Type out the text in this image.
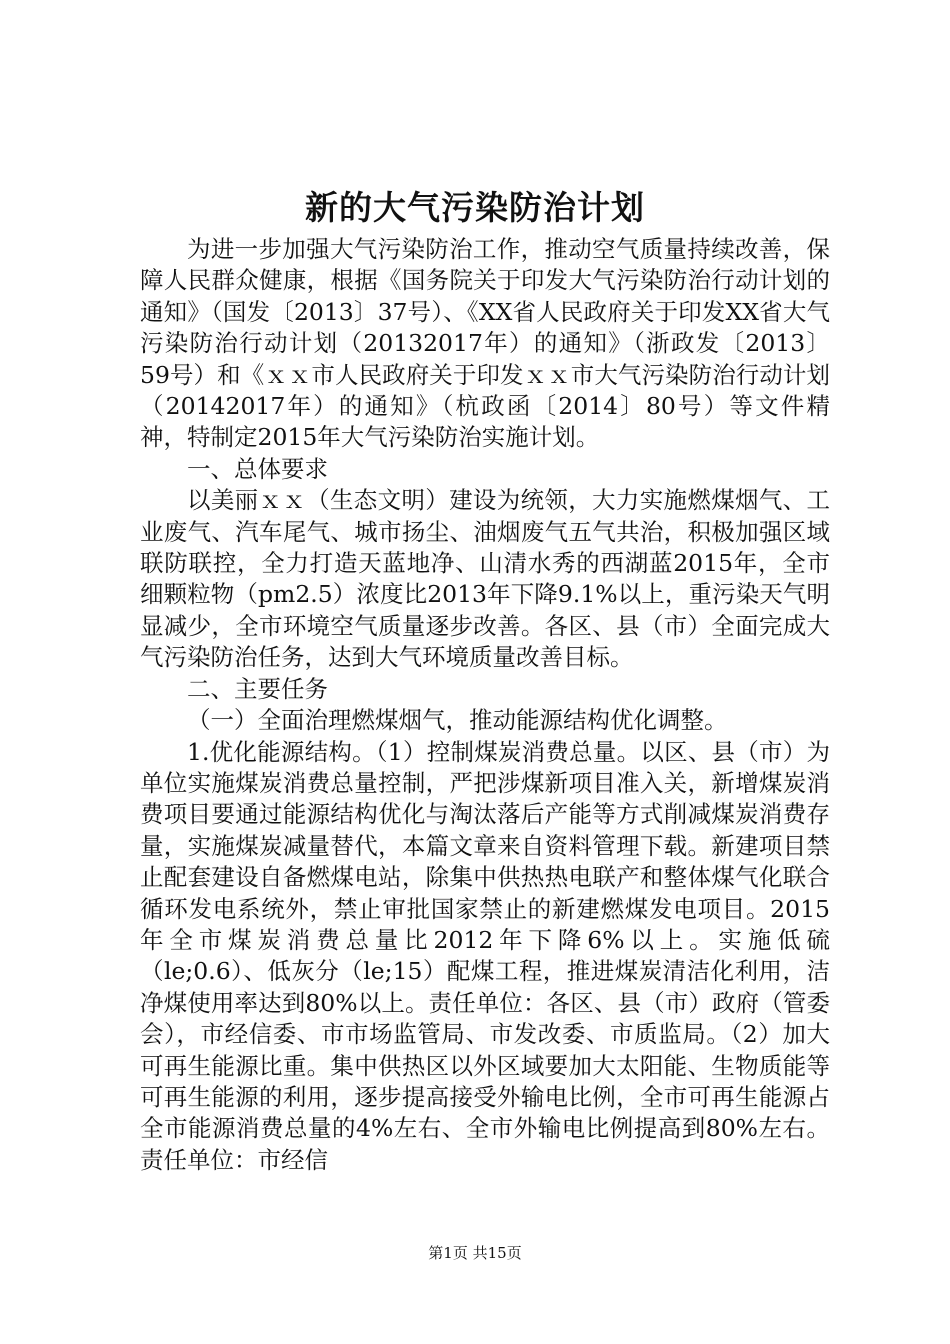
新的大气污染防治计划

为进一步加强大气污染防治工作，推动空气质量持续改善，保障人民群众健康，根据《国务院关于印发大气污染防治行动计划的通知》（国发〔2013〕37号）、《XX省人民政府关于印发XX省大气污染防治行动计划（20132017年）的通知》（浙政发〔2013〕59号）和《ｘｘ市人民政府关于印发ｘｘ市大气污染防治行动计划（20142017年）的通知》（杭政函〔2014〕80号）等文件精神，特制定2015年大气污染防治实施计划。

一、总体要求

以美丽ｘｘ（生态文明）建设为统领，大力实施燃煤烟气、工业废气、汽车尾气、城市扬尘、油烟废气五气共治，积极加强区域联防联控，全力打造天蓝地净、山清水秀的西湖蓝2015年，全市细颗粒物（pm2.5）浓度比2013年下降9.1%以上，重污染天气明显减少，全市环境空气质量逐步改善。各区、县（市）全面完成大气污染防治任务，达到大气环境质量改善目标。

二、主要任务

（一）全面治理燃煤烟气，推动能源结构优化调整。

1.优化能源结构。（1）控制煤炭消费总量。以区、县（市）为单位实施煤炭消费总量控制，严把涉煤新项目准入关，新增煤炭消费项目要通过能源结构优化与淘汰落后产能等方式削减煤炭消费存量，实施煤炭减量替代，本篇文章来自资料管理下载。新建项目禁止配套建设自备燃煤电站，除集中供热热电联产和整体煤气化联合循环发电系统外，禁止审批国家禁止的新建燃煤发电项目。2015年全市煤炭消费总量比2012年下降6%以上。实施低硫（le;0.6）、低灰分（le;15）配煤工程，推进煤炭清洁化利用，洁净煤使用率达到80%以上。责任单位：各区、县（市）政府（管委会），市经信委、市市场监管局、市发改委、市质监局。（2）加大可再生能源比重。集中供热区以外区域要加大太阳能、生物质能等可再生能源的利用，逐步提高接受外输电比例，全市可再生能源占全市能源消费总量的4%左右、全市外输电比例提高到80%左右。责任单位：市经信

第1页 共15页
